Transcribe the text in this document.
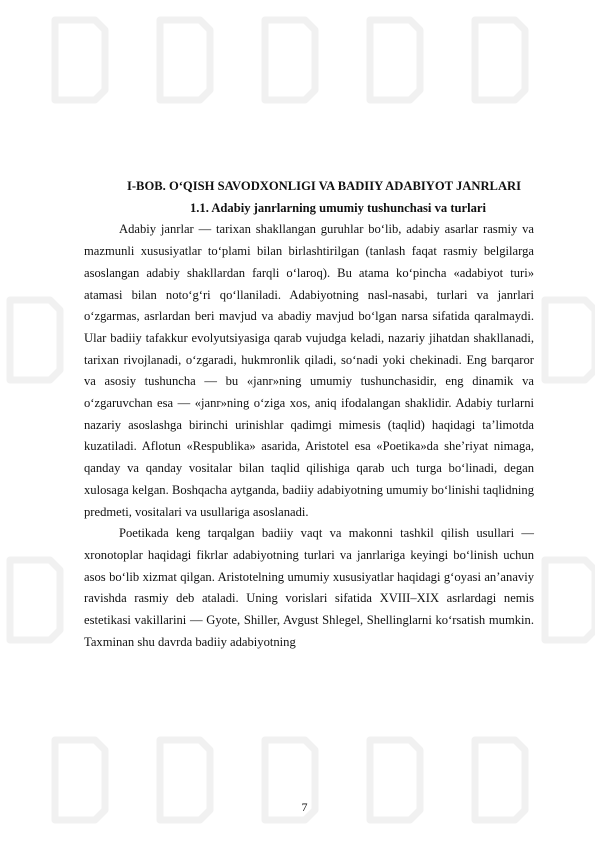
I-BOB. O‘QISH SAVODXONLIGI VA BADIIY ADABIYOT JANRLARI

1.1. Adabiy janrlarning umumiy tushunchasi va turlari

Adabiy janrlar — tarixan shakllangan guruhlar bo‘lib, adabiy asarlar rasmiy va mazmunli xususiyatlar to‘plami bilan birlashtirilgan (tanlash faqat rasmiy belgilarga asoslangan adabiy shakllardan farqli o‘laroq). Bu atama ko‘pincha «adabiyot turi» atamasi bilan noto‘g‘ri qo‘llaniladi. Adabiyotning nasl-nasabi, turlari va janrlari o‘zgarmas, asrlardan beri mavjud va abadiy mavjud bo‘lgan narsa sifatida qaralmaydi. Ular badiiy tafakkur evolyutsiyasiga qarab vujudga keladi, nazariy jihatdan shakllanadi, tarixan rivojlanadi, o‘zgaradi, hukmronlik qiladi, so‘nadi yoki chekinadi. Eng barqaror va asosiy tushuncha — bu «janr»ning umumiy tushunchasidir, eng dinamik va o‘zgaruvchan esa — «janr»ning o‘ziga xos, aniq ifodalangan shaklidir. Adabiy turlarni nazariy asoslashga birinchi urinishlar qadimgi mimesis (taqlid) haqidagi ta’limotda kuzatiladi. Aflotun «Respublika» asarida, Aristotel esa «Poetika»da she’riyat nimaga, qanday va qanday vositalar bilan taqlid qilishiga qarab uch turga bo‘linadi, degan xulosaga kelgan. Boshqacha aytganda, badiiy adabiyotning umumiy bo‘linishi taqlidning predmeti, vositalari va usullariga asoslanadi.

Poetikada keng tarqalgan badiiy vaqt va makonni tashkil qilish usullari — xronotoplar haqidagi fikrlar adabiyotning turlari va janrlariga keyingi bo‘linish uchun asos bo‘lib xizmat qilgan. Aristotelning umumiy xususiyatlar haqidagi g‘oyasi an’anaviy ravishda rasmiy deb ataladi. Uning vorislari sifatida XVIII–XIX asrlardagi nemis estetikasi vakillarini — Gyote, Shiller, Avgust Shlegel, Shellinglarni ko‘rsatish mumkin. Taxminan shu davrda badiiy adabiyotning

7
